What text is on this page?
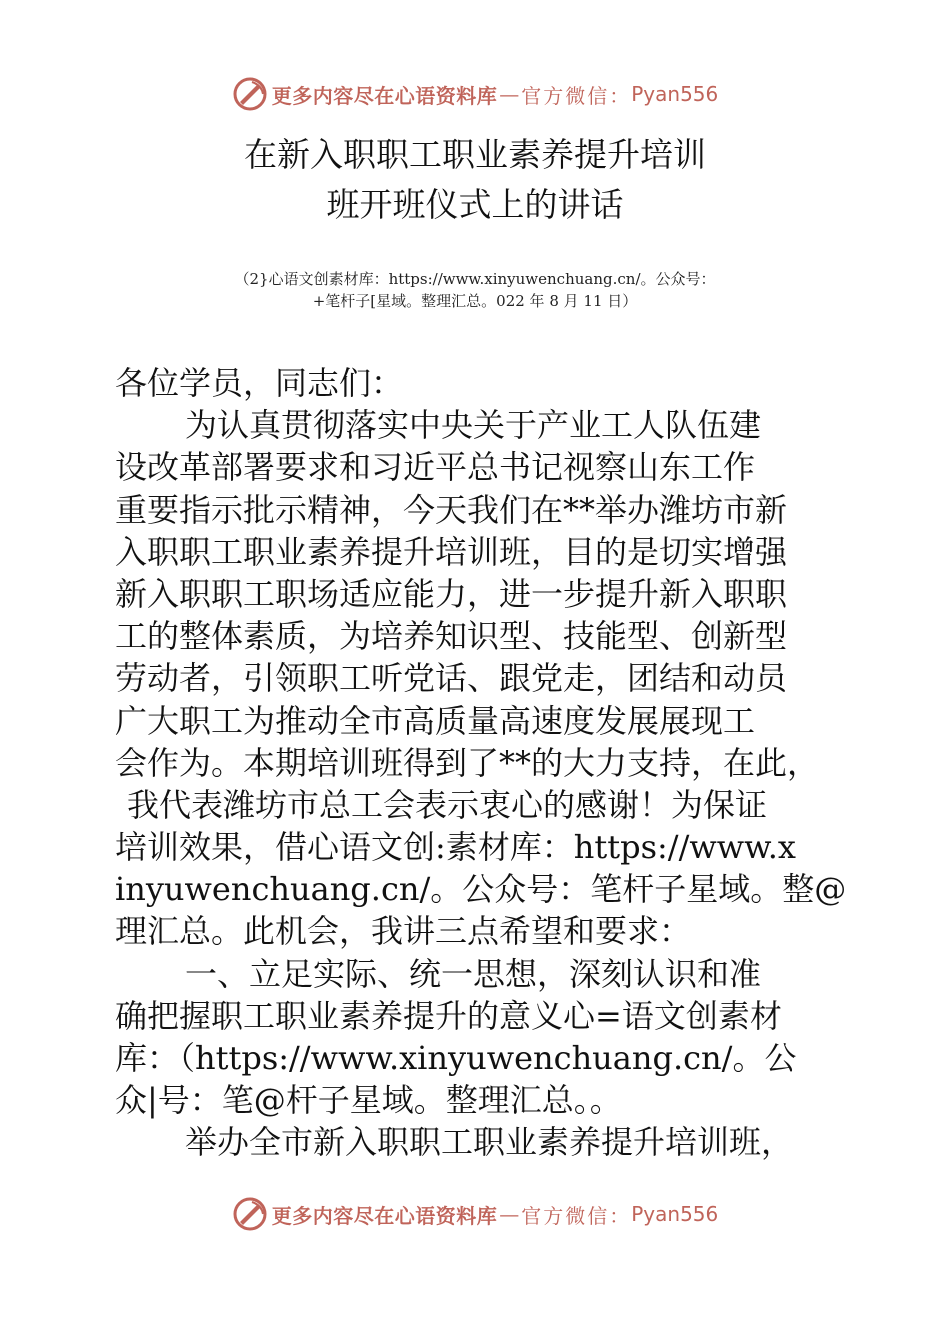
更多内容尽在心语资料库 — 官方微信： Pyan556
在新入职职工职业素养提升培训
班开班仪式上的讲话
（2}心语文创素材库：https://www.xinyuwenchuang.cn/。公众号：
+笔杆子[星域。整理汇总。022 年 8 月 11 日）
各位学员，同志们：
为认真贯彻落实中央关于产业工人队伍建
设改革部署要求和习近平总书记视察山东工作
重要指示批示精神，今天我们在**举办潍坊市新
入职职工职业素养提升培训班，目的是切实增强
新入职职工职场适应能力，进一步提升新入职职
工的整体素质，为培养知识型、技能型、创新型
劳动者，引领职工听党话、跟党走，团结和动员
广大职工为推动全市高质量高速度发展展现工
会作为。本期培训班得到了**的大力支持，在此，
我代表潍坊市总工会表示衷心的感谢！为保证
培训效果，借心语文创:素材库：https://www.x
inyuwenchuang.cn/。公众号：笔杆子星域。整@
理汇总。此机会，我讲三点希望和要求：
一、立足实际、统一思想，深刻认识和准
确把握职工职业素养提升的意义心=语文创素材
库：（https://www.xinyuwenchuang.cn/。公
众|号：笔@杆子星域。整理汇总。。
举办全市新入职职工职业素养提升培训班，
更多内容尽在心语资料库 — 官方微信： Pyan556
